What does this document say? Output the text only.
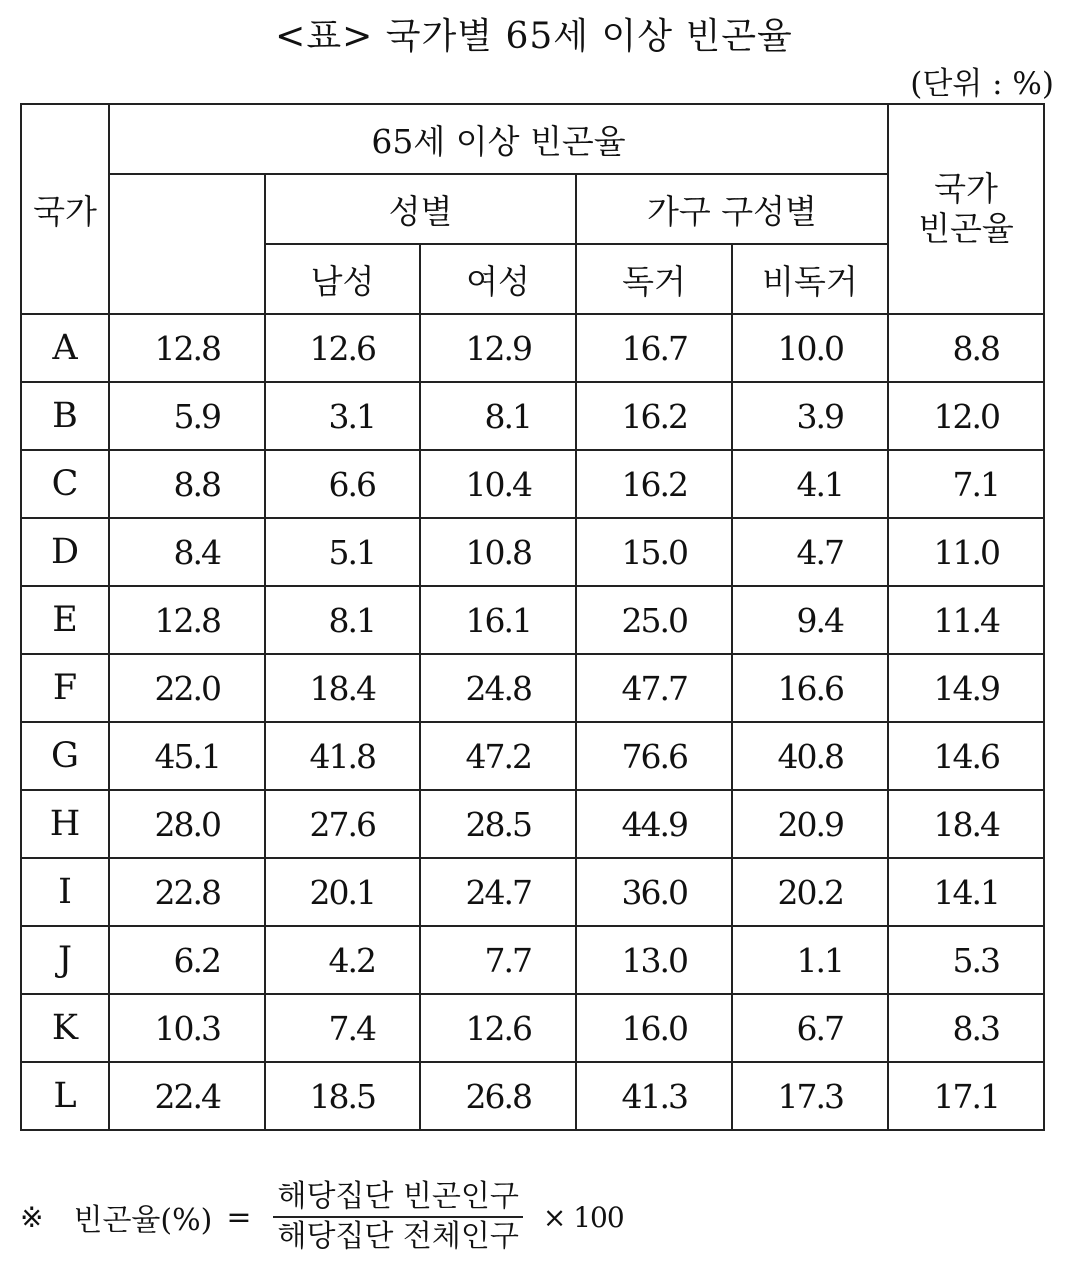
<표> 국가별 65세 이상 빈곤율
(단위 : %)
국가	65세 이상 빈곤율					국가
빈곤율
		성별		가구 구성별		
		남성	여성	독거	비독거	
A	12.8	12.6	12.9	16.7	10.0	8.8
B	5.9	3.1	8.1	16.2	3.9	12.0
C	8.8	6.6	10.4	16.2	4.1	7.1
D	8.4	5.1	10.8	15.0	4.7	11.0
E	12.8	8.1	16.1	25.0	9.4	11.4
F	22.0	18.4	24.8	47.7	16.6	14.9
G	45.1	41.8	47.2	76.6	40.8	14.6
H	28.0	27.6	28.5	44.9	20.9	18.4
I	22.8	20.1	24.7	36.0	20.2	14.1
J	6.2	4.2	7.7	13.0	1.1	5.3
K	10.3	7.4	12.6	16.0	6.7	8.3
L	22.4	18.5	26.8	41.3	17.3	17.1
※ 빈곤율(%) = $\frac{\text{해당집단 빈곤인구}}{\text{해당집단 전체인구}} \times 100$
